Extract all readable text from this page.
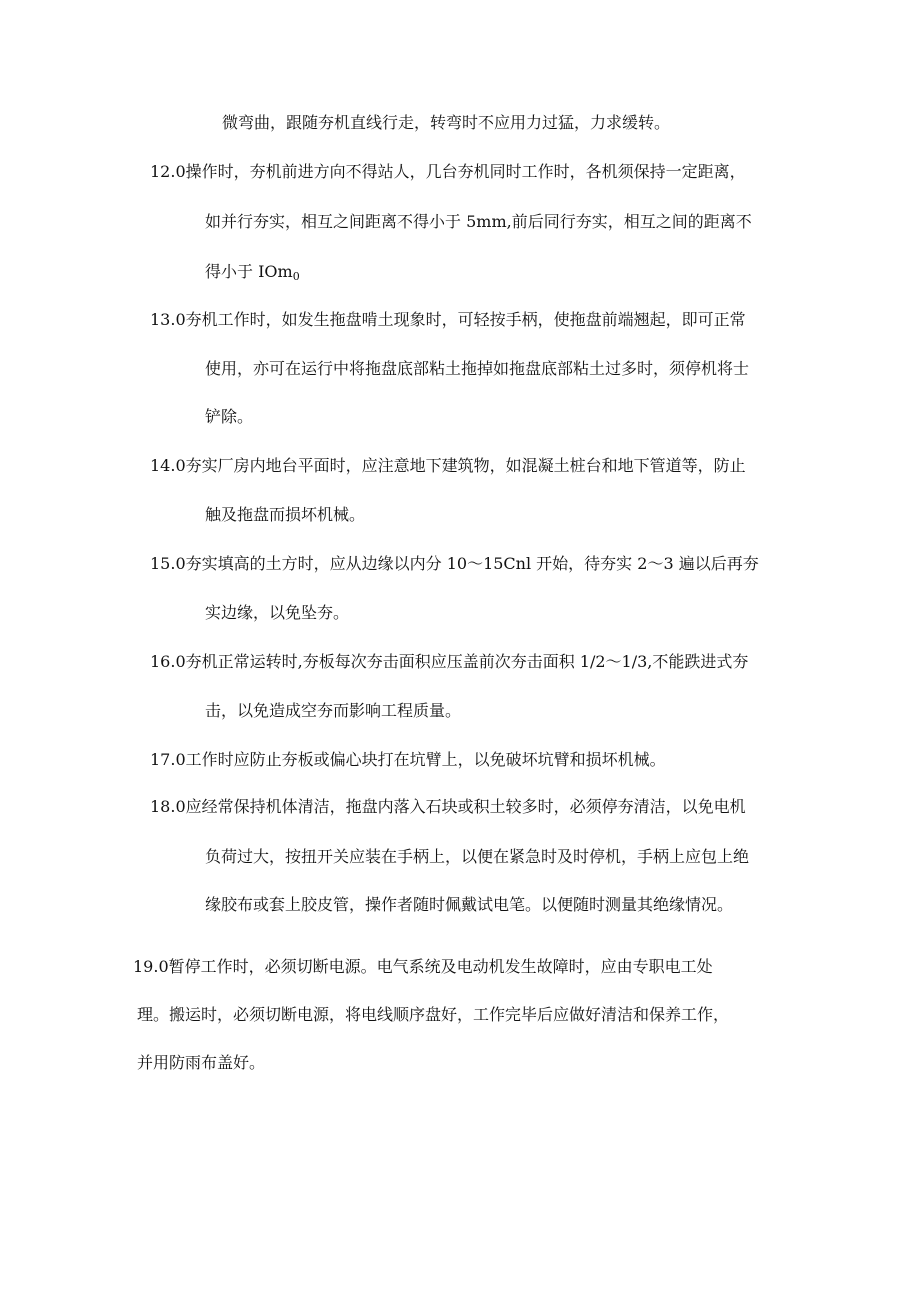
微弯曲，跟随夯机直线行走，转弯时不应用力过猛，力求缓转。
12.0操作时，夯机前进方向不得站人，几台夯机同时工作时，各机须保持一定距离，
如并行夯实，相互之间距离不得小于 5mm,前后同行夯实，相互之间的距离不
得小于 IOm$_0$
13.0夯机工作时，如发生拖盘啃土现象时，可轻按手柄，使拖盘前端翘起，即可正常
使用，亦可在运行中将拖盘底部粘土拖掉如拖盘底部粘土过多时，须停机将士
铲除。
14.0夯实厂房内地台平面时，应注意地下建筑物，如混凝土桩台和地下管道等，防止
触及拖盘而损坏机械。
15.0夯实填高的土方时，应从边缘以内分 10～15Cnl 开始，待夯实 2～3 遍以后再夯
实边缘，以免坠夯。
16.0夯机正常运转时,夯板每次夯击面积应压盖前次夯击面积 1/2～1/3,不能跌进式夯
击，以免造成空夯而影响工程质量。
17.0工作时应防止夯板或偏心块打在坑臂上，以免破坏坑臂和损坏机械。
18.0应经常保持机体清洁，拖盘内落入石块或积土较多时，必须停夯清洁，以免电机
负荷过大，按扭开关应装在手柄上，以便在紧急时及时停机，手柄上应包上绝
缘胶布或套上胶皮管，操作者随时佩戴试电笔。以便随时测量其绝缘情况。
19.0暂停工作时，必须切断电源。电气系统及电动机发生故障时，应由专职电工处
理。搬运时，必须切断电源，将电线顺序盘好，工作完毕后应做好清洁和保养工作，
并用防雨布盖好。
